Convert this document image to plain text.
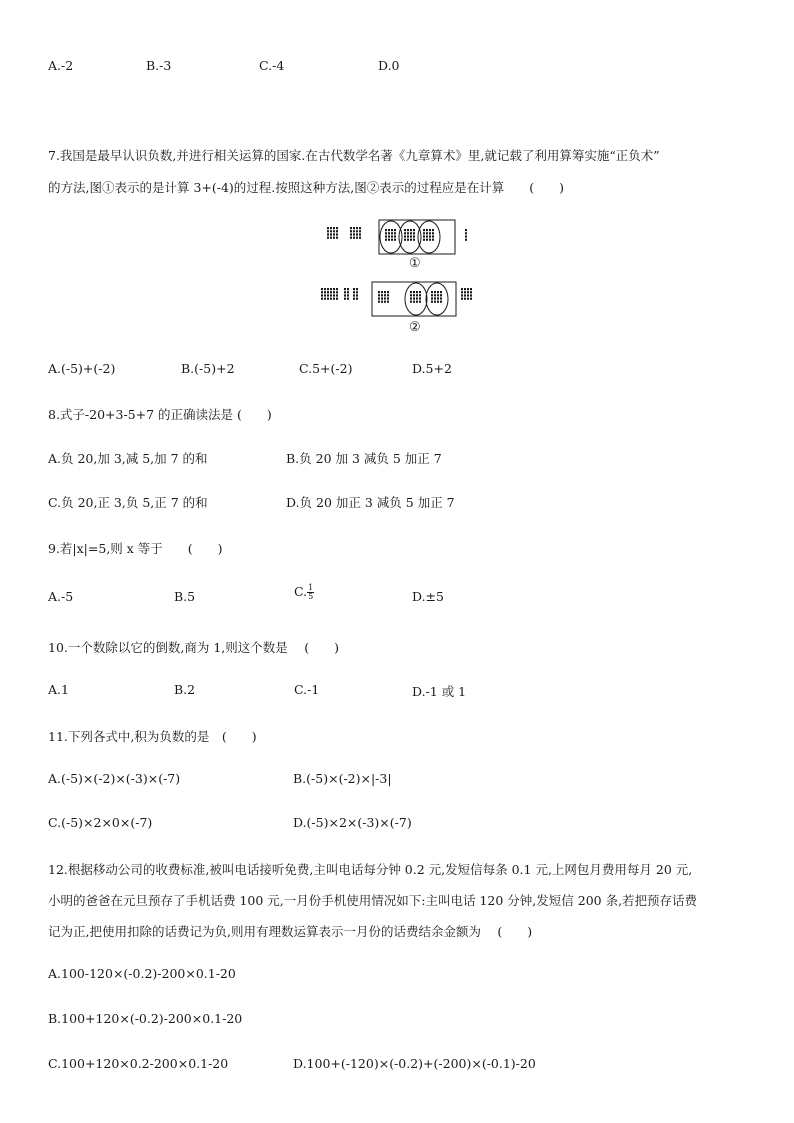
A.-2	B.-3	C.-4	D.0
7.我国是最早认识负数,并进行相关运算的国家.在古代数学名著《九章算术》里,就记载了利用算筹实施“正负术”
的方法,图①表示的是计算 3+(-4)的过程.按照这种方法,图②表示的过程应是在计算　　(　　)
①
②
A.(-5)+(-2)	B.(-5)+2	C.5+(-2)	D.5+2
8.式子-20+3-5+7 的正确读法是 (　　)
A.负 20,加 3,减 5,加 7 的和	B.负 20 加 3 减负 5 加正 7
C.负 20,正 3,负 5,正 7 的和	D.负 20 加正 3 减负 5 加正 7
9.若|x|=5,则 x 等于　　(　　)
A.-5	B.5	C. $\frac{1}{5}$	D.±5
10.一个数除以它的倒数,商为 1,则这个数是　 (　　)
A.1	B.2	C.-1	D.-1 或 1
11.下列各式中,积为负数的是　(　　)
A.(-5)×(-2)×(-3)×(-7)	B.(-5)×(-2)×|-3|
C.(-5)×2×0×(-7)	D.(-5)×2×(-3)×(-7)
12.根据移动公司的收费标准,被叫电话接听免费,主叫电话每分钟 0.2 元,发短信每条 0.1 元,上网包月费用每月 20 元,
小明的爸爸在元旦预存了手机话费 100 元,一月份手机使用情况如下:主叫电话 120 分钟,发短信 200 条,若把预存话费
记为正,把使用扣除的话费记为负,则用有理数运算表示一月份的话费结余金额为　 (　　)
A.100-120×(-0.2)-200×0.1-20
B.100+120×(-0.2)-200×0.1-20
C.100+120×0.2-200×0.1-20	D.100+(-120)×(-0.2)+(-200)×(-0.1)-20
